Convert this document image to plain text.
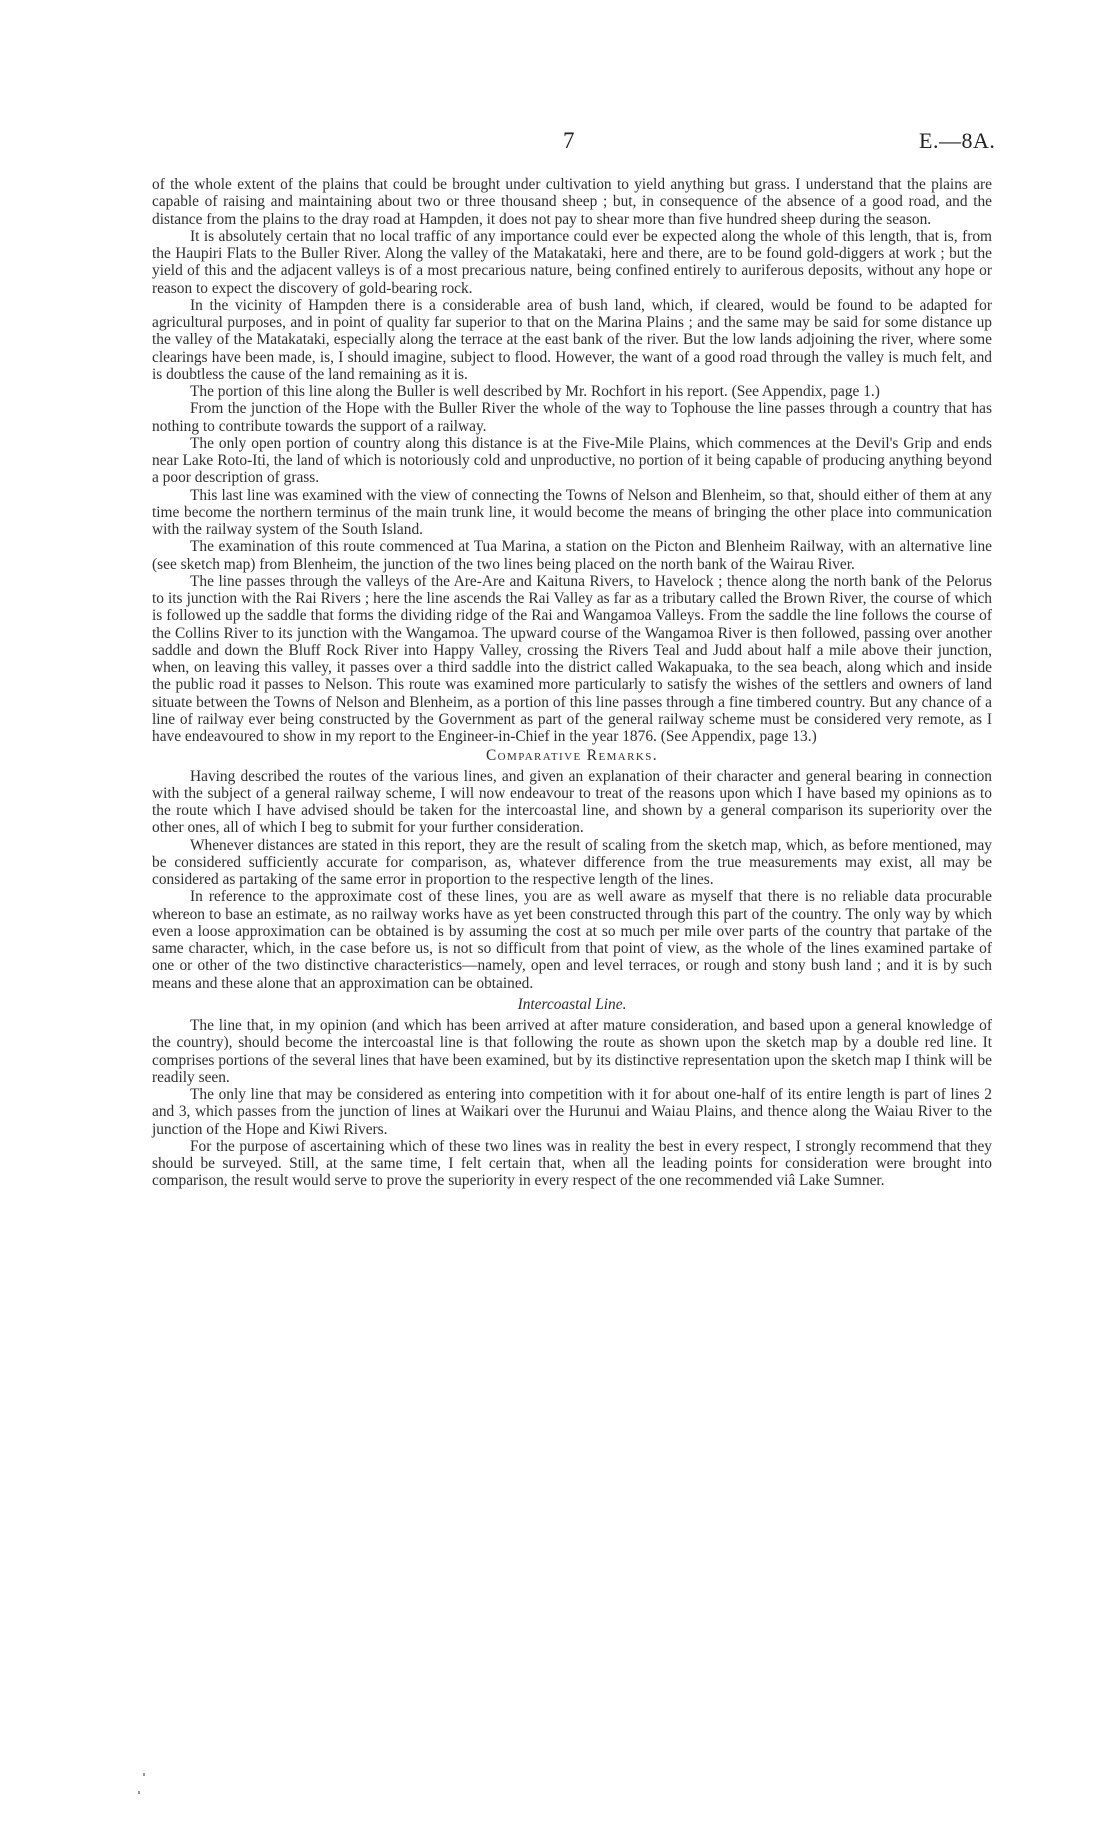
7	E.—8A.

of the whole extent of the plains that could be brought under cultivation to yield anything but grass. I understand that the plains are capable of raising and maintaining about two or three thousand sheep ; but, in consequence of the absence of a good road, and the distance from the plains to the dray road at Hampden, it does not pay to shear more than five hundred sheep during the season.

It is absolutely certain that no local traffic of any importance could ever be expected along the whole of this length, that is, from the Haupiri Flats to the Buller River. Along the valley of the Matakataki, here and there, are to be found gold-diggers at work ; but the yield of this and the adjacent valleys is of a most precarious nature, being confined entirely to auriferous deposits, without any hope or reason to expect the discovery of gold-bearing rock.

In the vicinity of Hampden there is a considerable area of bush land, which, if cleared, would be found to be adapted for agricultural purposes, and in point of quality far superior to that on the Marina Plains ; and the same may be said for some distance up the valley of the Matakataki, especially along the terrace at the east bank of the river. But the low lands adjoining the river, where some clearings have been made, is, I should imagine, subject to flood. However, the want of a good road through the valley is much felt, and is doubtless the cause of the land remaining as it is.

The portion of this line along the Buller is well described by Mr. Rochfort in his report. (See Appendix, page 1.)

From the junction of the Hope with the Buller River the whole of the way to Tophouse the line passes through a country that has nothing to contribute towards the support of a railway.

The only open portion of country along this distance is at the Five-Mile Plains, which commences at the Devil's Grip and ends near Lake Roto-Iti, the land of which is notoriously cold and unproductive, no portion of it being capable of producing anything beyond a poor description of grass.

This last line was examined with the view of connecting the Towns of Nelson and Blenheim, so that, should either of them at any time become the northern terminus of the main trunk line, it would become the means of bringing the other place into communication with the railway system of the South Island.

The examination of this route commenced at Tua Marina, a station on the Picton and Blenheim Railway, with an alternative line (see sketch map) from Blenheim, the junction of the two lines being placed on the north bank of the Wairau River.

The line passes through the valleys of the Are-Are and Kaituna Rivers, to Havelock ; thence along the north bank of the Pelorus to its junction with the Rai Rivers ; here the line ascends the Rai Valley as far as a tributary called the Brown River, the course of which is followed up the saddle that forms the dividing ridge of the Rai and Wangamoa Valleys. From the saddle the line follows the course of the Collins River to its junction with the Wangamoa. The upward course of the Wangamoa River is then followed, passing over another saddle and down the Bluff Rock River into Happy Valley, crossing the Rivers Teal and Judd about half a mile above their junction, when, on leaving this valley, it passes over a third saddle into the district called Wakapuaka, to the sea beach, along which and inside the public road it passes to Nelson. This route was examined more particularly to satisfy the wishes of the settlers and owners of land situate between the Towns of Nelson and Blenheim, as a portion of this line passes through a fine timbered country. But any chance of a line of railway ever being constructed by the Government as part of the general railway scheme must be considered very remote, as I have endeavoured to show in my report to the Engineer-in-Chief in the year 1876. (See Appendix, page 13.)

Comparative Remarks.

Having described the routes of the various lines, and given an explanation of their character and general bearing in connection with the subject of a general railway scheme, I will now endeavour to treat of the reasons upon which I have based my opinions as to the route which I have advised should be taken for the intercoastal line, and shown by a general comparison its superiority over the other ones, all of which I beg to submit for your further consideration.

Whenever distances are stated in this report, they are the result of scaling from the sketch map, which, as before mentioned, may be considered sufficiently accurate for comparison, as, whatever difference from the true measurements may exist, all may be considered as partaking of the same error in proportion to the respective length of the lines.

In reference to the approximate cost of these lines, you are as well aware as myself that there is no reliable data procurable whereon to base an estimate, as no railway works have as yet been constructed through this part of the country. The only way by which even a loose approximation can be obtained is by assuming the cost at so much per mile over parts of the country that partake of the same character, which, in the case before us, is not so difficult from that point of view, as the whole of the lines examined partake of one or other of the two distinctive characteristics—namely, open and level terraces, or rough and stony bush land ; and it is by such means and these alone that an approximation can be obtained.

Intercoastal Line.

The line that, in my opinion (and which has been arrived at after mature consideration, and based upon a general knowledge of the country), should become the intercoastal line is that following the route as shown upon the sketch map by a double red line. It comprises portions of the several lines that have been examined, but by its distinctive representation upon the sketch map I think will be readily seen.

The only line that may be considered as entering into competition with it for about one-half of its entire length is part of lines 2 and 3, which passes from the junction of lines at Waikari over the Hurunui and Waiau Plains, and thence along the Waiau River to the junction of the Hope and Kiwi Rivers.

For the purpose of ascertaining which of these two lines was in reality the best in every respect, I strongly recommend that they should be surveyed. Still, at the same time, I felt certain that, when all the leading points for consideration were brought into comparison, the result would serve to prove the superiority in every respect of the one recommended viâ Lake Sumner.
